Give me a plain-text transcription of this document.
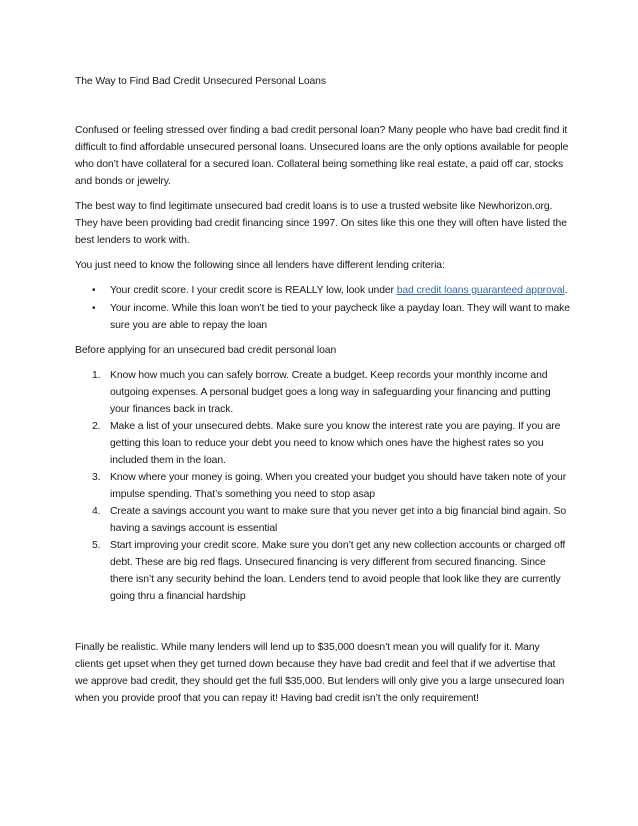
The Way to Find Bad Credit Unsecured Personal Loans

Confused or feeling stressed over finding a bad credit personal loan? Many people who have bad credit find it difficult to find affordable unsecured personal loans. Unsecured loans are the only options available for people who don’t have collateral for a secured loan. Collateral being something like real estate, a paid off car, stocks and bonds or jewelry.

The best way to find legitimate unsecured bad credit loans is to use a trusted website like Newhorizon.org. They have been providing bad credit financing since 1997. On sites like this one they will often have listed the best lenders to work with.

You just need to know the following since all lenders have different lending criteria:

• Your credit score. I your credit score is REALLY low, look under bad credit loans guaranteed approval.
• Your income. While this loan won’t be tied to your paycheck like a payday loan. They will want to make sure you are able to repay the loan

Before applying for an unsecured bad credit personal loan

1. Know how much you can safely borrow. Create a budget. Keep records your monthly income and outgoing expenses. A personal budget goes a long way in safeguarding your financing and putting your finances back in track.
2. Make a list of your unsecured debts. Make sure you know the interest rate you are paying. If you are getting this loan to reduce your debt you need to know which ones have the highest rates so you included them in the loan.
3. Know where your money is going. When you created your budget you should have taken note of your impulse spending. That’s something you need to stop asap
4. Create a savings account you want to make sure that you never get into a big financial bind again. So having a savings account is essential
5. Start improving your credit score. Make sure you don’t get any new collection accounts or charged off debt. These are big red flags. Unsecured financing is very different from secured financing. Since there isn’t any security behind the loan. Lenders tend to avoid people that look like they are currently going thru a financial hardship

Finally be realistic. While many lenders will lend up to $35,000 doesn’t mean you will qualify for it. Many clients get upset when they get turned down because they have bad credit and feel that if we advertise that we approve bad credit, they should get the full $35,000. But lenders will only give you a large unsecured loan when you provide proof that you can repay it! Having bad credit isn’t the only requirement!
